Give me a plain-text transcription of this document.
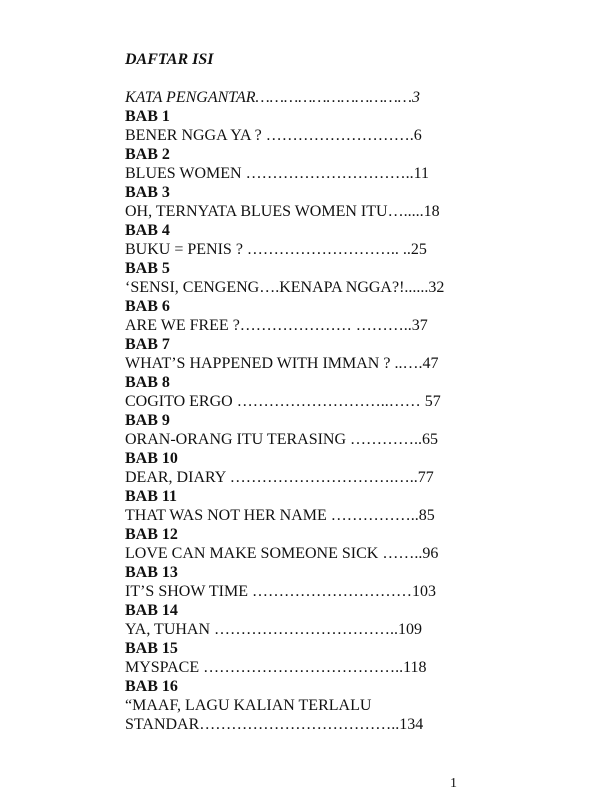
DAFTAR ISI
KATA PENGANTAR……………………………3
BAB 1
BENER NGGA YA ? ……………………….6
BAB 2
BLUES WOMEN …………………………..11
BAB 3
OH, TERNYATA BLUES WOMEN ITU….....18
BAB 4
BUKU = PENIS ? ……………………….. ..25
BAB 5
‘SENSI, CENGENG….KENAPA NGGA?!......32
BAB 6
ARE WE FREE ?………………… ………..37
BAB 7
WHAT’S HAPPENED WITH IMMAN ? ..….47
BAB 8
COGITO ERGO ………………………..…… 57
BAB 9
ORAN-ORANG ITU TERASING …………..65
BAB 10
DEAR, DIARY ………………………….…..77
BAB 11
THAT WAS NOT HER NAME ……………..85
BAB 12
LOVE CAN MAKE SOMEONE SICK ……..96
BAB 13
IT’S SHOW TIME …………………………103
BAB 14
YA, TUHAN ……………………………..109
BAB 15
MYSPACE ………………………………..118
BAB 16
“MAAF, LAGU KALIAN TERLALU
STANDAR………………………………..134
1
